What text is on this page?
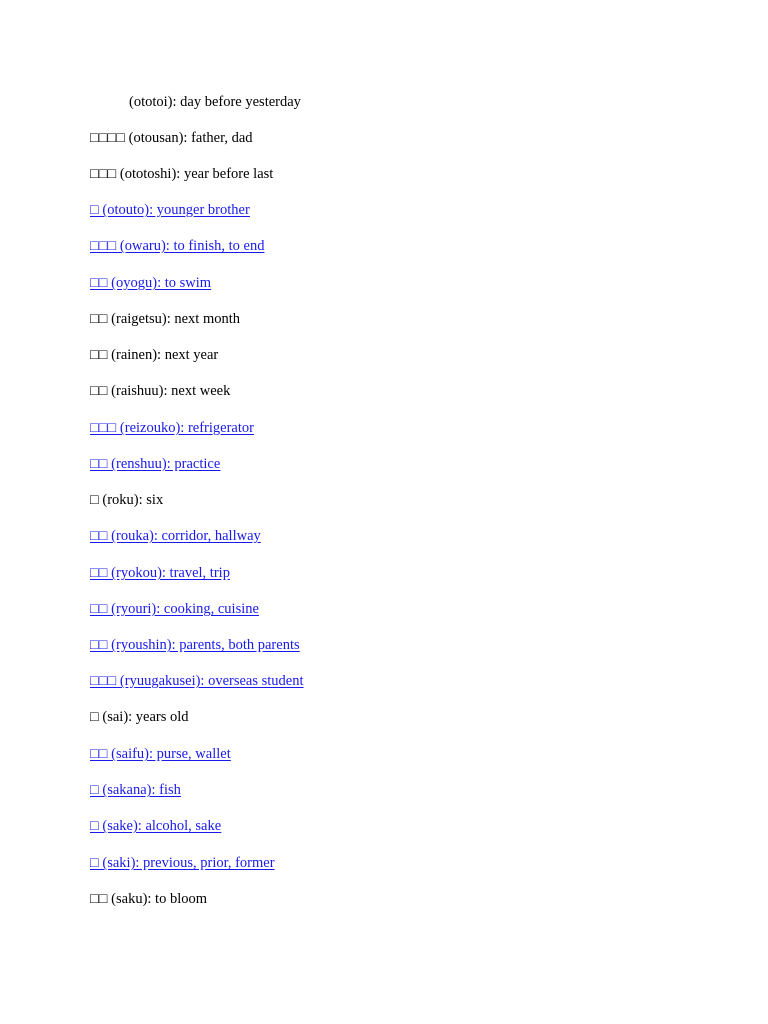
(ototoi): day before yesterday
□□□□ (otousan): father, dad
□□□ (ototoshi): year before last
□ (otouto): younger brother
□□□ (owaru): to finish, to end
□□ (oyogu): to swim
□□ (raigetsu): next month
□□ (rainen): next year
□□ (raishuu): next week
□□□ (reizouko): refrigerator
□□ (renshuu): practice
□ (roku): six
□□ (rouka): corridor, hallway
□□ (ryokou): travel, trip
□□ (ryouri): cooking, cuisine
□□ (ryoushin): parents, both parents
□□□ (ryuugakusei): overseas student
□ (sai): years old
□□ (saifu): purse, wallet
□ (sakana): fish
□ (sake): alcohol, sake
□ (saki): previous, prior, former
□□ (saku): to bloom
